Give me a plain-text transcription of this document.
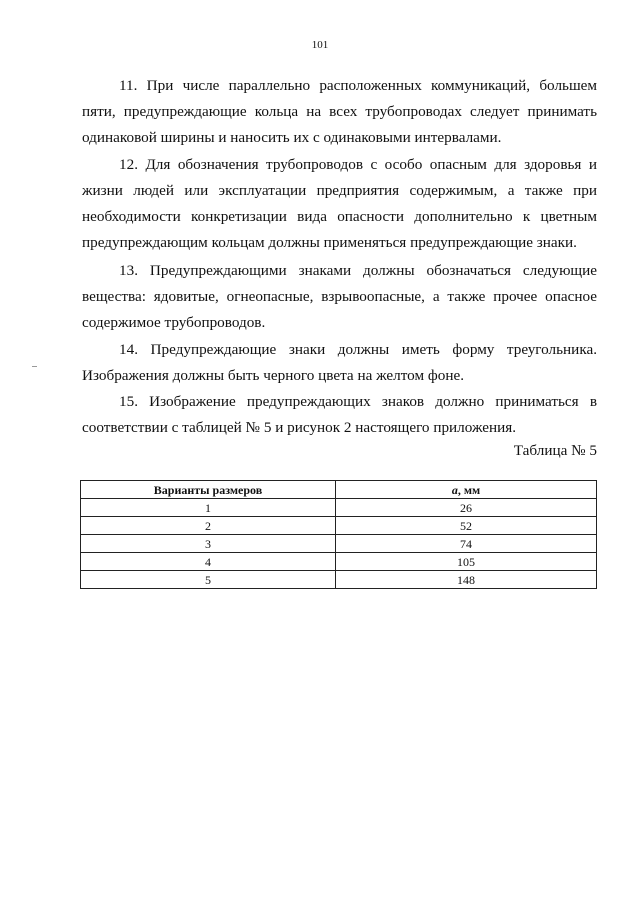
101

11. При числе параллельно расположенных коммуникаций, большем пяти, предупреждающие кольца на всех трубопроводах следует принимать одинаковой ширины и наносить их с одинаковыми интервалами.

12. Для обозначения трубопроводов с особо опасным для здоровья и жизни людей или эксплуатации предприятия содержимым, а также при необходимости конкретизации вида опасности дополнительно к цветным предупреждающим кольцам должны применяться предупреждающие знаки.

13. Предупреждающими знаками должны обозначаться следующие вещества: ядовитые, огнеопасные, взрывоопасные, а также прочее опасное содержимое трубопроводов.

14. Предупреждающие знаки должны иметь форму треугольника. Изображения должны быть черного цвета на желтом фоне.

15. Изображение предупреждающих знаков должно приниматься в соответствии с таблицей № 5 и рисунок 2 настоящего приложения.

Таблица № 5
Варианты размеров	а, мм
1	26
2	52
3	74
4	105
5	148
